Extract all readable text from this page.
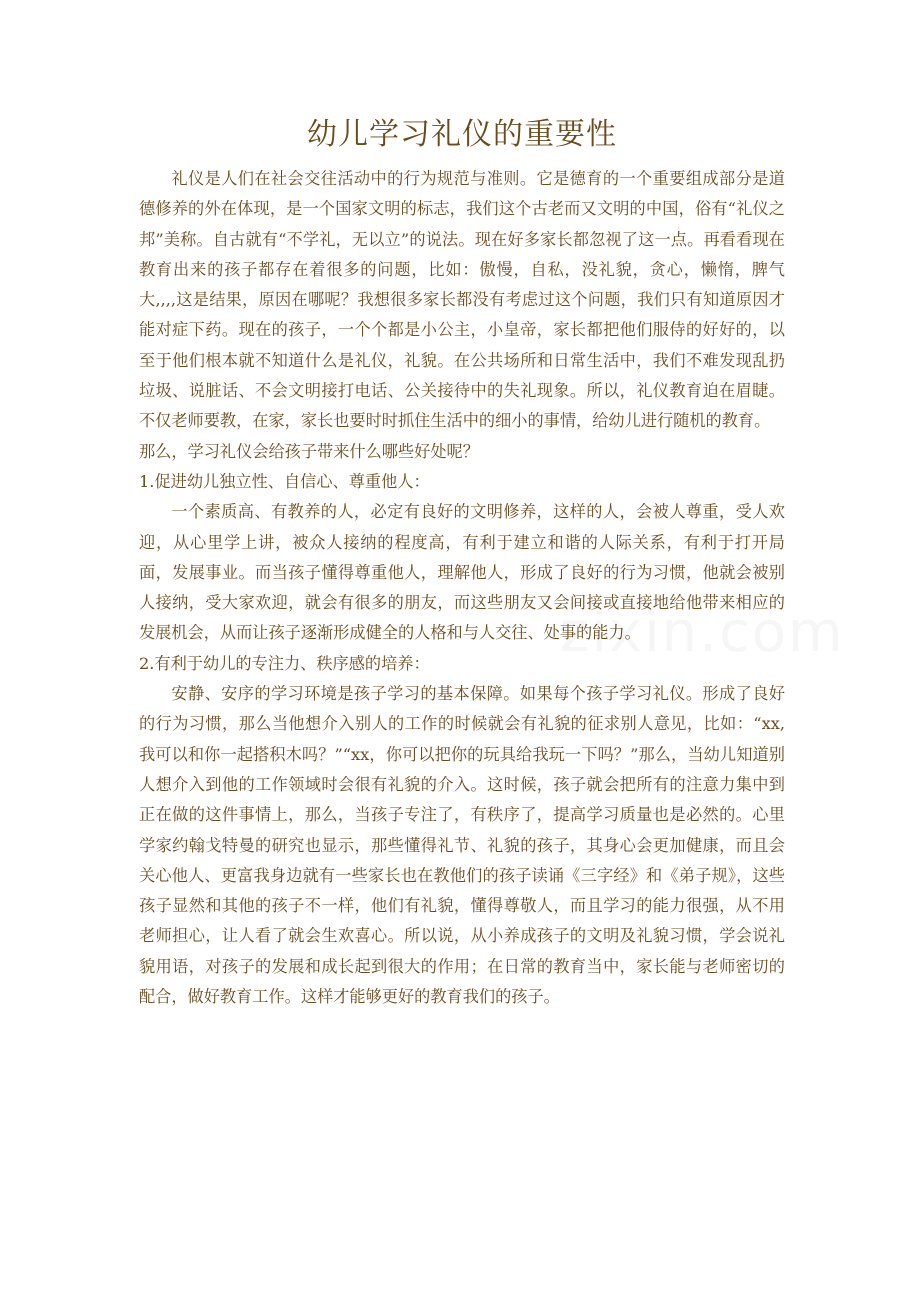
zixin.com
幼儿学习礼仪的重要性

礼仪是人们在社会交往活动中的行为规范与准则。它是德育的一个重要组成部分是道德修养的外在体现，是一个国家文明的标志，我们这个古老而又文明的中国，俗有“礼仪之邦”美称。自古就有“不学礼，无以立”的说法。现在好多家长都忽视了这一点。再看看现在教育出来的孩子都存在着很多的问题，比如：傲慢，自私，没礼貌，贪心，懒惰，脾气大,,,,这是结果，原因在哪呢？我想很多家长都没有考虑过这个问题，我们只有知道原因才能对症下药。现在的孩子，一个个都是小公主，小皇帝，家长都把他们服侍的好好的，以至于他们根本就不知道什么是礼仪，礼貌。在公共场所和日常生活中，我们不难发现乱扔垃圾、说脏话、不会文明接打电话、公关接待中的失礼现象。所以，礼仪教育迫在眉睫。不仅老师要教，在家，家长也要时时抓住生活中的细小的事情，给幼儿进行随机的教育。

那么，学习礼仪会给孩子带来什么哪些好处呢？

1.促进幼儿独立性、自信心、尊重他人：

一个素质高、有教养的人，必定有良好的文明修养，这样的人，会被人尊重，受人欢迎，从心里学上讲，被众人接纳的程度高，有利于建立和谐的人际关系，有利于打开局面，发展事业。而当孩子懂得尊重他人，理解他人，形成了良好的行为习惯，他就会被别人接纳，受大家欢迎，就会有很多的朋友，而这些朋友又会间接或直接地给他带来相应的发展机会，从而让孩子逐渐形成健全的人格和与人交往、处事的能力。

2.有利于幼儿的专注力、秩序感的培养：

安静、安序的学习环境是孩子学习的基本保障。如果每个孩子学习礼仪。形成了良好的行为习惯，那么当他想介入别人的工作的时候就会有礼貌的征求别人意见，比如：“xx,我可以和你一起搭积木吗？”“xx，你可以把你的玩具给我玩一下吗？”那么，当幼儿知道别人想介入到他的工作领域时会很有礼貌的介入。这时候，孩子就会把所有的注意力集中到正在做的这件事情上，那么，当孩子专注了，有秩序了，提高学习质量也是必然的。心里学家约翰戈特曼的研究也显示，那些懂得礼节、礼貌的孩子，其身心会更加健康，而且会关心他人、更富我身边就有一些家长也在教他们的孩子读诵《三字经》和《弟子规》，这些孩子显然和其他的孩子不一样，他们有礼貌，懂得尊敬人，而且学习的能力很强，从不用老师担心，让人看了就会生欢喜心。所以说，从小养成孩子的文明及礼貌习惯，学会说礼貌用语，对孩子的发展和成长起到很大的作用；在日常的教育当中，家长能与老师密切的配合，做好教育工作。这样才能够更好的教育我们的孩子。
